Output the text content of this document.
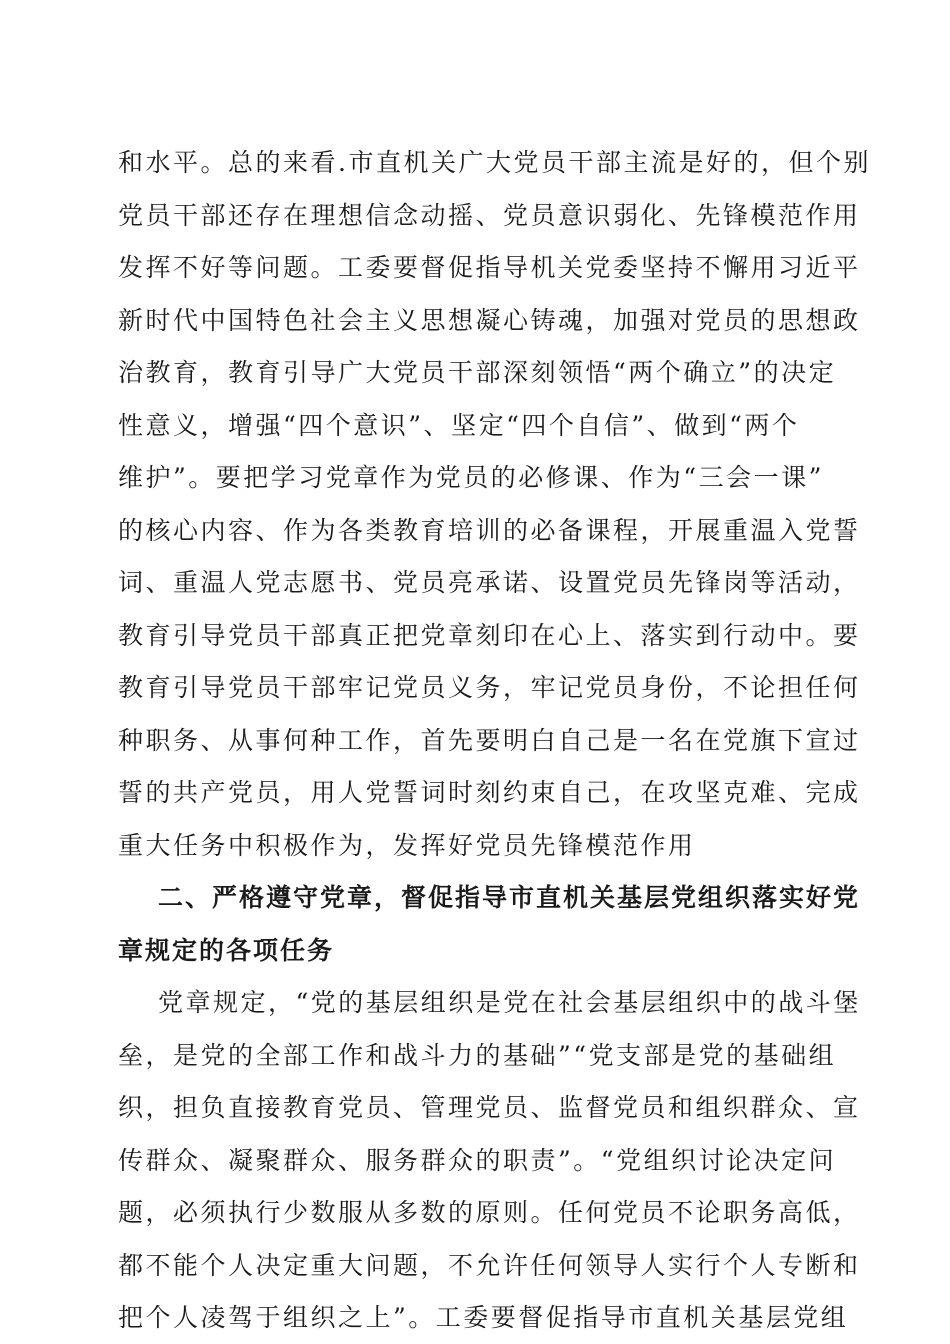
和水平。总的来看.市直机关广大党员干部主流是好的，但个别
党员干部还存在理想信念动摇、党员意识弱化、先锋模范作用
发挥不好等问题。工委要督促指导机关党委坚持不懈用习近平
新时代中国特色社会主义思想凝心铸魂，加强对党员的思想政
治教育，教育引导广大党员干部深刻领悟“两个确立”的决定
性意义，增强“四个意识”、坚定“四个自信”、做到“两个
维护”。要把学习党章作为党员的必修课、作为“三会一课”
的核心内容、作为各类教育培训的必备课程，开展重温入党誓
词、重温人党志愿书、党员亮承诺、设置党员先锋岗等活动，
教育引导党员干部真正把党章刻印在心上、落实到行动中。要
教育引导党员干部牢记党员义务，牢记党员身份，不论担任何
种职务、从事何种工作，首先要明白自己是一名在党旗下宣过
誓的共产党员，用人党誓词时刻约束自己，在攻坚克难、完成
重大任务中积极作为，发挥好党员先锋模范作用
二、严格遵守党章，督促指导市直机关基层党组织落实好党
章规定的各项任务
党章规定，“党的基层组织是党在社会基层组织中的战斗堡
垒，是党的全部工作和战斗力的基础”“党支部是党的基础组
织，担负直接教育党员、管理党员、监督党员和组织群众、宣
传群众、凝聚群众、服务群众的职责”。“党组织讨论决定问
题，必须执行少数服从多数的原则。任何党员不论职务高低，
都不能个人决定重大问题，不允许任何领导人实行个人专断和
把个人凌驾于组织之上”。工委要督促指导市直机关基层党组
